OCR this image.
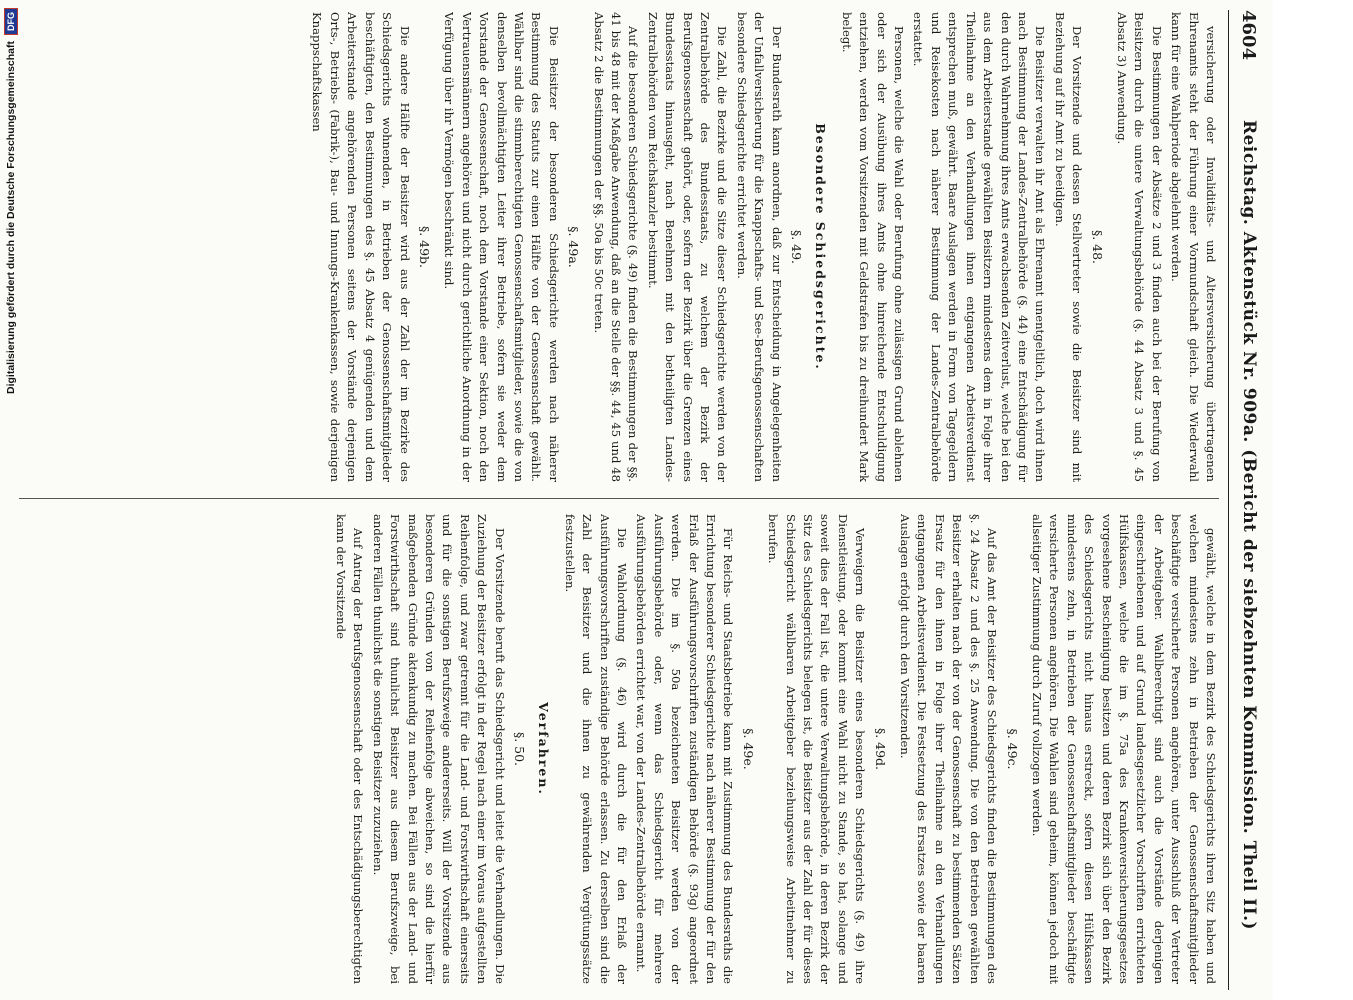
4604
Reichstag. Aktenstück Nr. 909a. (Bericht der siebzehnten Kommission. Theil II.)

versicherung oder Invaliditäts- und Altersversicherung übertragenen Ehrenamts steht der Führung einer Vormundschaft gleich. Die Wiederwahl kann für eine Wahlperiode abgelehnt werden.

Die Bestimmungen der Absätze 2 und 3 finden auch bei der Berufung von Beisitzern durch die untere Verwaltungsbehörde (§. 44 Absatz 3 und §. 45 Absatz 3) Anwendung.

§. 48.

Der Vorsitzende und dessen Stellvertreter sowie die Beisitzer sind mit Beziehung auf ihr Amt zu beeidigen.

Die Beisitzer verwalten ihr Amt als Ehrenamt unentgeltlich, doch wird ihnen nach Bestimmung der Landes-Zentralbehörde (§. 44) eine Entschädigung für den durch Wahrnehmung ihres Amts erwachsenden Zeitverlust, welche bei den aus dem Arbeiterstande gewählten Beisitzern mindestens dem in Folge ihrer Theilnahme an den Verhandlungen ihnen entgangenen Arbeitsverdienst entsprechen muß, gewährt. Baare Auslagen werden in Form von Tagegeldern und Reisekosten nach näherer Bestimmung der Landes-Zentralbehörde erstattet.

Personen, welche die Wahl oder Berufung ohne zulässigen Grund ablehnen oder sich der Ausübung ihres Amts ohne hinreichende Entschuldigung entziehen, werden vom Vorsitzenden mit Geldstrafen bis zu dreihundert Mark belegt.

Besondere Schiedsgerichte.
§. 49.

Der Bundesrath kann anordnen, daß zur Entscheidung in Angelegenheiten der Unfallversicherung für die Knappschafts- und See-Berufsgenossenschaften besondere Schiedsgerichte errichtet werden.

Die Zahl, die Bezirke und die Sitze dieser Schiedsgerichte werden von der Zentralbehörde des Bundesstaats, zu welchem der Bezirk der Berufsgenossenschaft gehört, oder, sofern der Bezirk über die Grenzen eines Bundesstaats hinausgeht, nach Benehmen mit den betheiligten Landes-Zentralbehörden vom Reichskanzler bestimmt.

Auf die besonderen Schiedsgerichte (§. 49) finden die Bestimmungen der §§. 41 bis 48 mit der Maßgabe Anwendung, daß an die Stelle der §§. 44, 45 und 48 Absatz 2 die Bestimmungen der §§. 50a bis 50c treten.

§. 49a.

Die Beisitzer der besonderen Schiedsgerichte werden nach näherer Bestimmung des Statuts zur einen Hälfte von der Genossenschaft gewählt. Wählbar sind die stimmberechtigten Genossenschaftsmitglieder, sowie die von denselben bevollmächtigten Leiter ihrer Betriebe, sofern sie weder dem Vorstande der Genossenschaft, noch dem Vorstande einer Sektion, noch den Vertrauensmännern angehören und nicht durch gerichtliche Anordnung in der Verfügung über ihr Vermögen beschränkt sind.

§. 49b.

Die andere Hälfte der Beisitzer wird aus der Zahl der im Bezirke des Schiedsgerichts wohnenden, in Betrieben der Genossenschaftsmitglieder beschäftigten, den Bestimmungen des §. 45 Absatz 4 genügenden und dem Arbeiterstande angehörenden Personen seitens der Vorstände derjenigen Orts-, Betriebs- (Fabrik-), Bau- und Innungs-Krankenkassen, sowie derjenigen Knappschaftskassen

gewählt, welche in dem Bezirk des Schiedsgerichts ihren Sitz haben und welchen mindestens zehn in Betrieben der Genossenschaftsmitglieder beschäftigte versicherte Personen angehören, unter Ausschluß der Vertreter der Arbeitgeber. Wahlberechtigt sind auch die Vorstände derjenigen eingeschriebenen und auf Grund landesgesetzlicher Vorschriften errichteten Hülfskassen, welche die im §. 75a des Krankenversicherungsgesetzes vorgesehene Bescheinigung besitzen und deren Bezirk sich über den Bezirk des Schiedsgerichts nicht hinaus erstreckt, sofern diesen Hülfskassen mindestens zehn, in Betrieben der Genossenschaftsmitglieder beschäftigte versicherte Personen angehören. Die Wahlen sind geheim, können jedoch mit allseitiger Zustimmung durch Zuruf vollzogen werden.

§. 49c.

Auf das Amt der Beisitzer des Schiedsgerichts finden die Bestimmungen des §. 24 Absatz 2 und des §. 25 Anwendung. Die von den Betrieben gewählten Beisitzer erhalten nach der von der Genossenschaft zu bestimmenden Sätzen Ersatz für den ihnen in Folge ihrer Theilnahme an den Verhandlungen entgangenen Arbeitsverdienst. Die Festsetzung des Ersatzes sowie der baaren Auslagen erfolgt durch den Vorsitzenden.

§. 49d.

Verweigern die Beisitzer eines besonderen Schiedsgerichts (§. 49) ihre Dienstleistung, oder kommt eine Wahl nicht zu Stande, so hat, solange und soweit dies der Fall ist, die untere Verwaltungsbehörde, in deren Bezirk der Sitz des Schiedsgerichts belegen ist, die Beisitzer aus der Zahl der für dieses Schiedsgericht wählbaren Arbeitgeber beziehungsweise Arbeitnehmer zu berufen.

§. 49e.

Für Reichs- und Staatsbetriebe kann mit Zustimmung des Bundesraths die Errichtung besonderer Schiedsgerichte nach näherer Bestimmung der für den Erlaß der Ausführungsvorschriften zuständigen Behörde (§. 93g) angeordnet werden. Die im §. 50a bezeichneten Beisitzer werden von der Ausführungsbehörde oder, wenn das Schiedsgericht für mehrere Ausführungsbehörden errichtet war, von der Landes-Zentralbehörde ernannt.

Die Wahlordnung (§. 46) wird durch die für den Erlaß der Ausführungsvorschriften zuständige Behörde erlassen. Zu derselben sind die Zahl der Beisitzer und die ihnen zu gewährenden Vergütungssätze festzustellen.

Verfahren.
§. 50.

Der Vorsitzende beruft das Schiedsgericht und leitet die Verhandlungen. Die Zuziehung der Beisitzer erfolgt in der Regel nach einer im Voraus aufgestellten Reihenfolge, und zwar getrennt für die Land- und Forstwirthschaft einerseits und für die sonstigen Berufszweige andererseits. Will der Vorsitzende aus besonderen Gründen von der Reihenfolge abweichen, so sind die hierfür maßgebenden Gründe aktenkundig zu machen. Bei Fällen aus der Land- und Forstwirthschaft sind thunlichst Beisitzer aus diesem Berufszweige, bei anderen Fällen thunlichst die sonstigen Beisitzer zuzuziehen.

Auf Antrag der Berufsgenossenschaft oder des Entschädigungsberechtigten kann der Vorsitzende

Digitalisierung gefördert durch die Deutsche Forschungsgemeinschaft
DFG
